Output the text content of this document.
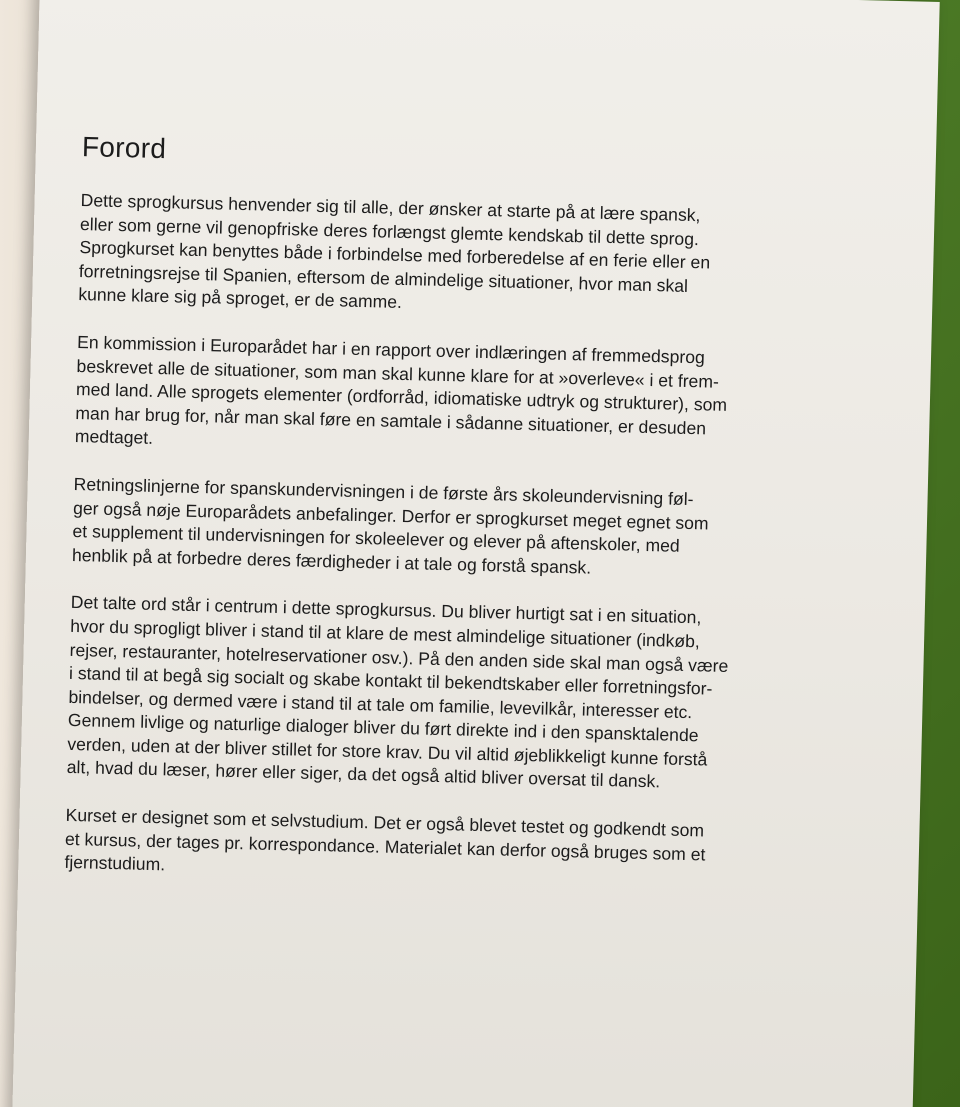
Forord

Dette sprogkursus henvender sig til alle, der ønsker at starte på at lære spansk,
eller som gerne vil genopfriske deres forlængst glemte kendskab til dette sprog.
Sprogkurset kan benyttes både i forbindelse med forberedelse af en ferie eller en
forretningsrejse til Spanien, eftersom de almindelige situationer, hvor man skal
kunne klare sig på sproget, er de samme.

En kommission i Europarådet har i en rapport over indlæringen af fremmedsprog
beskrevet alle de situationer, som man skal kunne klare for at »overleve« i et frem-
med land. Alle sprogets elementer (ordforråd, idiomatiske udtryk og strukturer), som
man har brug for, når man skal føre en samtale i sådanne situationer, er desuden
medtaget.

Retningslinjerne for spanskundervisningen i de første års skoleundervisning føl-
ger også nøje Europarådets anbefalinger. Derfor er sprogkurset meget egnet som
et supplement til undervisningen for skoleelever og elever på aftenskoler, med
henblik på at forbedre deres færdigheder i at tale og forstå spansk.

Det talte ord står i centrum i dette sprogkursus. Du bliver hurtigt sat i en situation,
hvor du sprogligt bliver i stand til at klare de mest almindelige situationer (indkøb,
rejser, restauranter, hotelreservationer osv.). På den anden side skal man også være
i stand til at begå sig socialt og skabe kontakt til bekendtskaber eller forretningsfor-
bindelser, og dermed være i stand til at tale om familie, levevilkår, interesser etc.
Gennem livlige og naturlige dialoger bliver du ført direkte ind i den spansktalende
verden, uden at der bliver stillet for store krav. Du vil altid øjeblikkeligt kunne forstå
alt, hvad du læser, hører eller siger, da det også altid bliver oversat til dansk.

Kurset er designet som et selvstudium. Det er også blevet testet og godkendt som
et kursus, der tages pr. korrespondance. Materialet kan derfor også bruges som et
fjernstudium.
